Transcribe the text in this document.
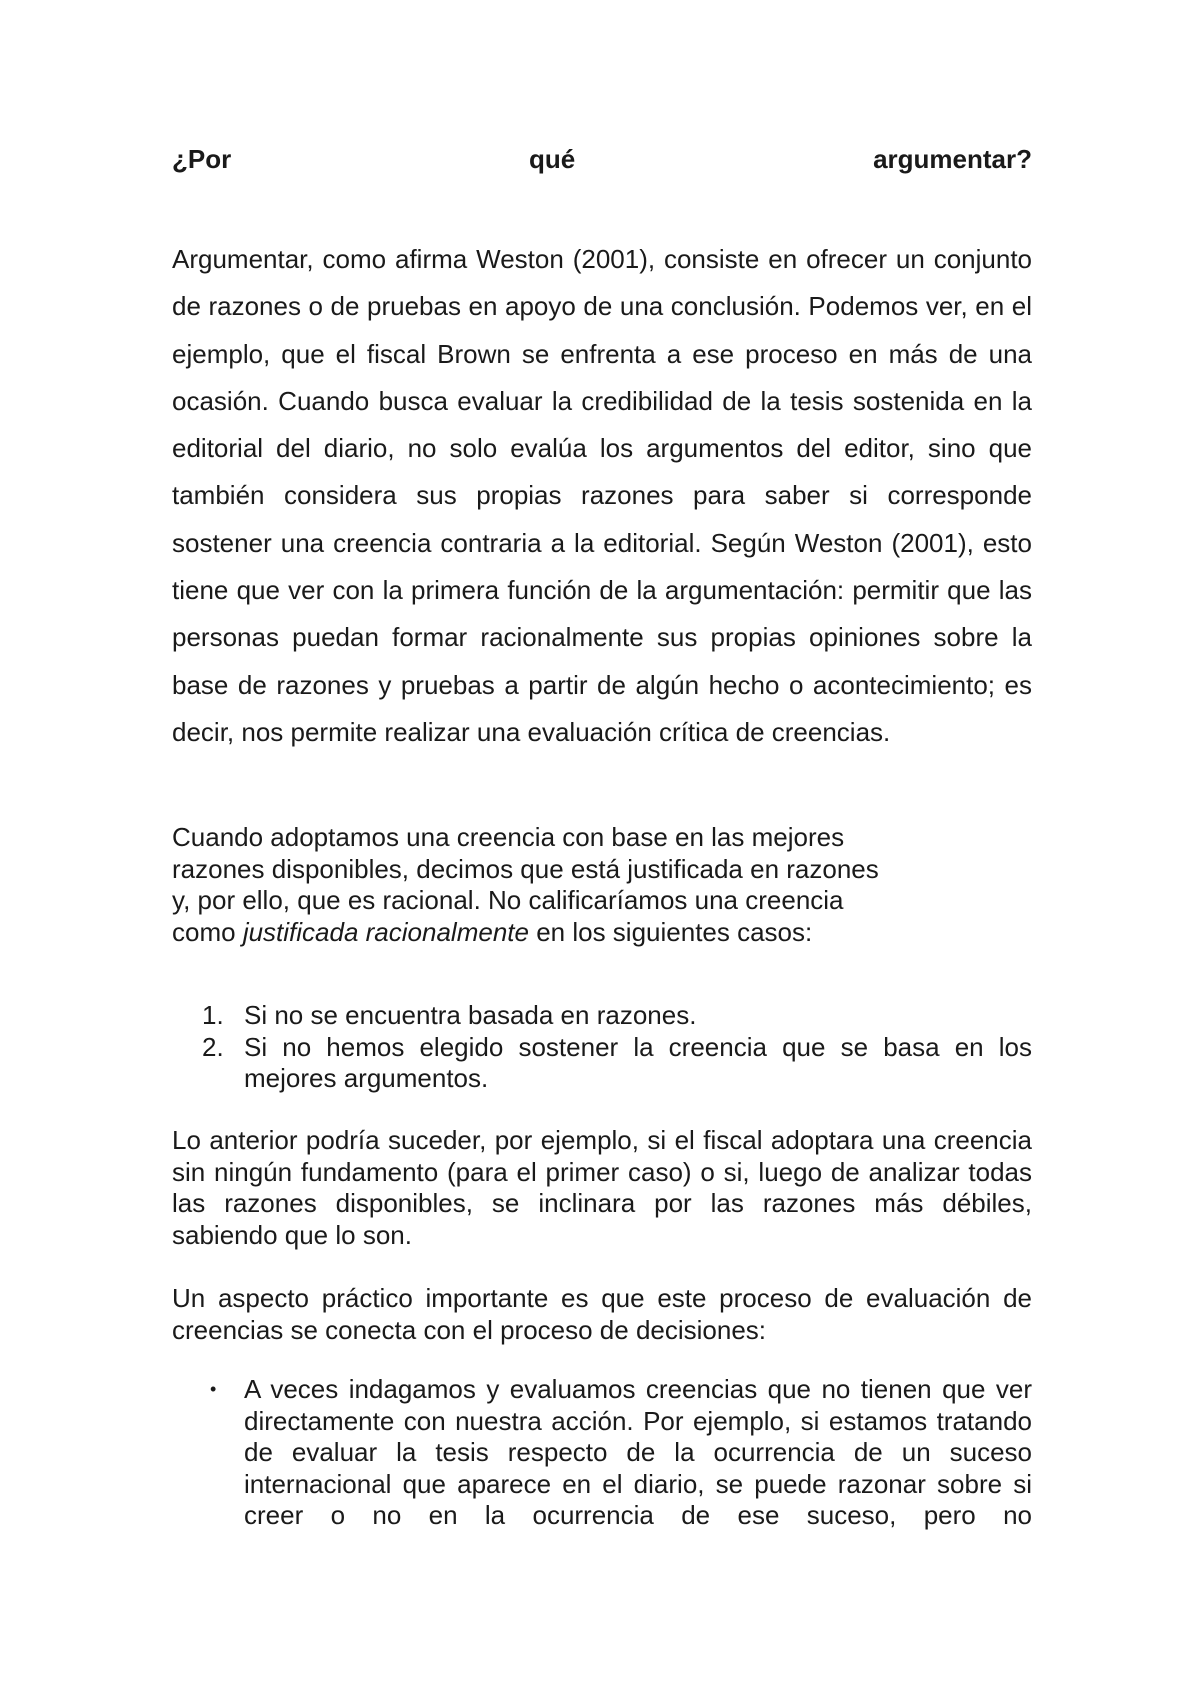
¿Por	qué	argumentar?

Argumentar, como afirma Weston (2001), consiste en ofrecer un conjunto de razones o de pruebas en apoyo de una conclusión. Podemos ver, en el ejemplo, que el fiscal Brown se enfrenta a ese proceso en más de una ocasión. Cuando busca evaluar la credibilidad de la tesis sostenida en la editorial del diario, no solo evalúa los argumentos del editor, sino que también considera sus propias razones para saber si corresponde sostener una creencia contraria a la editorial. Según Weston (2001), esto tiene que ver con la primera función de la argumentación: permitir que las personas puedan formar racionalmente sus propias opiniones sobre la base de razones y pruebas a partir de algún hecho o acontecimiento; es decir, nos permite realizar una evaluación crítica de creencias.

Cuando adoptamos una creencia con base en las mejores razones disponibles, decimos que está justificada en razones y, por ello, que es racional. No calificaríamos una creencia como justificada racionalmente en los siguientes casos:

1. Si no se encuentra basada en razones.
2. Si no hemos elegido sostener la creencia que se basa en los mejores argumentos.

Lo anterior podría suceder, por ejemplo, si el fiscal adoptara una creencia sin ningún fundamento (para el primer caso) o si, luego de analizar todas las razones disponibles, se inclinara por las razones más débiles, sabiendo que lo son.

Un aspecto práctico importante es que este proceso de evaluación de creencias se conecta con el proceso de decisiones:

• A veces indagamos y evaluamos creencias que no tienen que ver directamente con nuestra acción. Por ejemplo, si estamos tratando de evaluar la tesis respecto de la ocurrencia de un suceso internacional que aparece en el diario, se puede razonar sobre si creer o no en la ocurrencia de ese suceso, pero no
